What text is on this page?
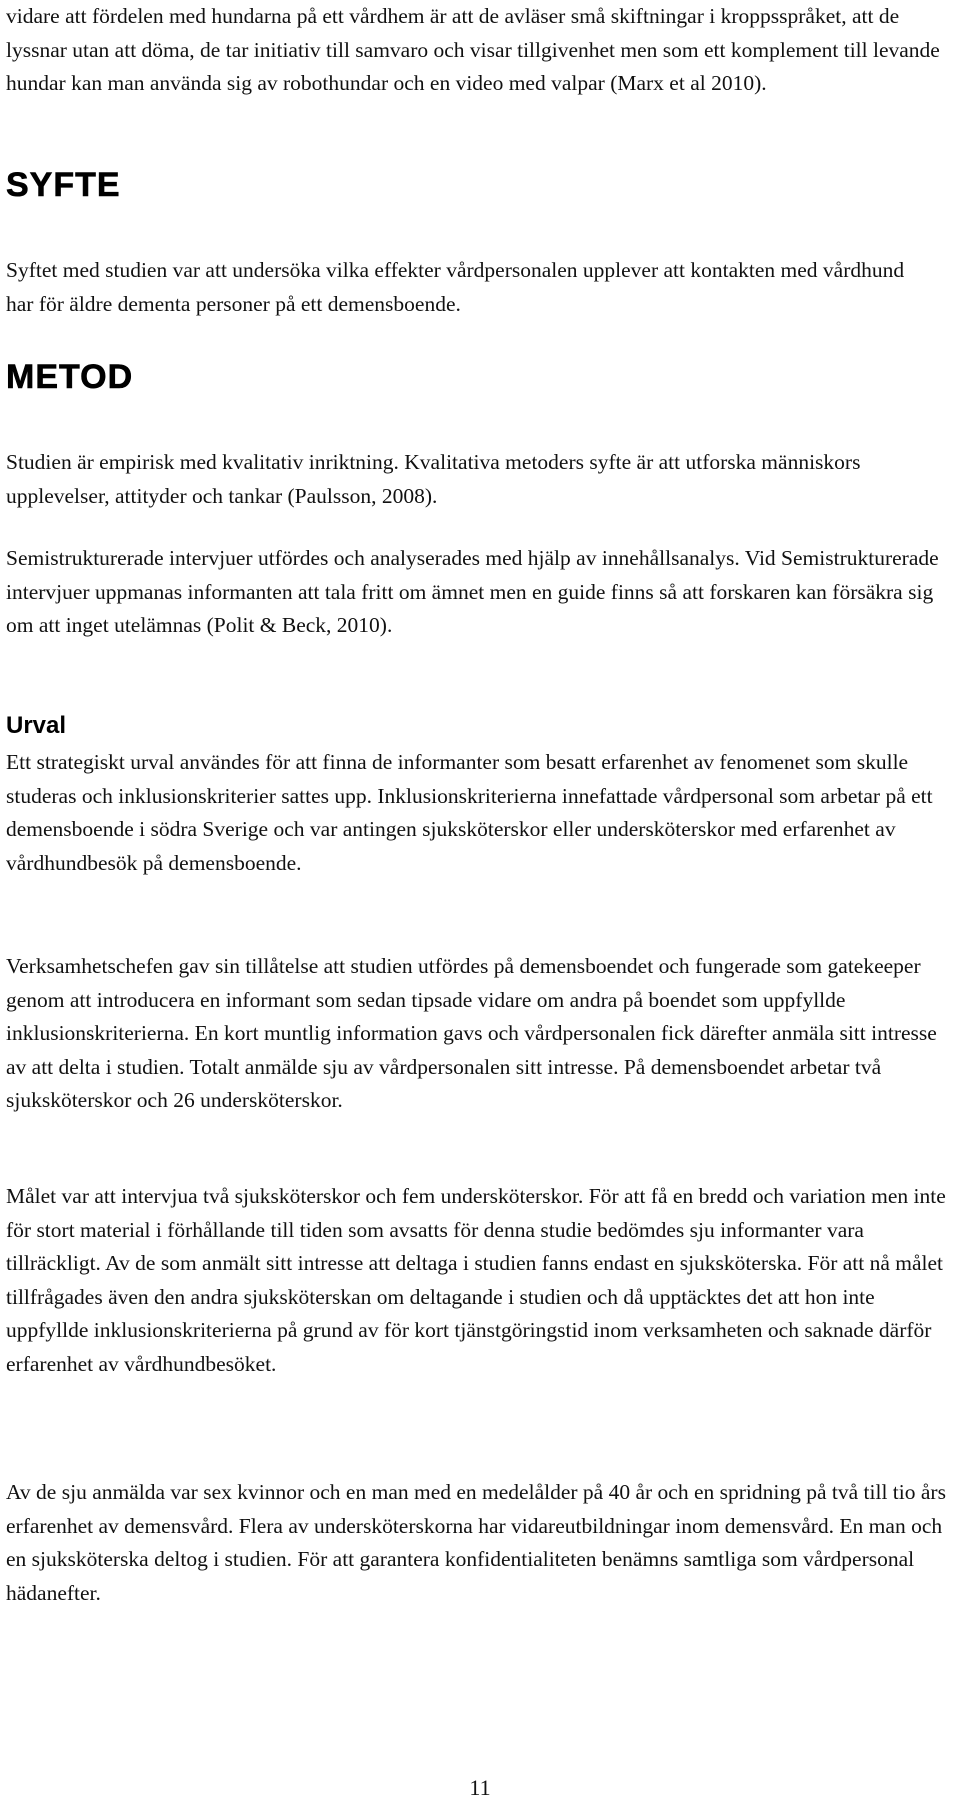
vidare att fördelen med hundarna på ett vårdhem är att de avläser små skiftningar i kroppsspråket, att de lyssnar utan att döma, de tar initiativ till samvaro och visar tillgivenhet men som ett komplement till levande hundar kan man använda sig av robothundar och en video med valpar (Marx et al 2010).

SYFTE

Syftet med studien var att undersöka vilka effekter vårdpersonalen upplever att kontakten med vårdhund har för äldre dementa personer på ett demensboende.

METOD

Studien är empirisk med kvalitativ inriktning. Kvalitativa metoders syfte är att utforska människors upplevelser, attityder och tankar (Paulsson, 2008).

Semistrukturerade intervjuer utfördes och analyserades med hjälp av innehållsanalys. Vid Semistrukturerade intervjuer uppmanas informanten att tala fritt om ämnet men en guide finns så att forskaren kan försäkra sig om att inget utelämnas (Polit & Beck, 2010).

Urval

Ett strategiskt urval användes för att finna de informanter som besatt erfarenhet av fenomenet som skulle studeras och inklusionskriterier sattes upp. Inklusionskriterierna innefattade vårdpersonal som arbetar på ett demensboende i södra Sverige och var antingen sjuksköterskor eller undersköterskor med erfarenhet av vårdhundbesök på demensboende.

Verksamhetschefen gav sin tillåtelse att studien utfördes på demensboendet och fungerade som gatekeeper genom att introducera en informant som sedan tipsade vidare om andra på boendet som uppfyllde inklusionskriterierna. En kort muntlig information gavs och vårdpersonalen fick därefter anmäla sitt intresse av att delta i studien. Totalt anmälde sju av vårdpersonalen sitt intresse. På demensboendet arbetar två sjuksköterskor och 26 undersköterskor.

Målet var att intervjua två sjuksköterskor och fem undersköterskor. För att få en bredd och variation men inte för stort material i förhållande till tiden som avsatts för denna studie bedömdes sju informanter vara tillräckligt. Av de som anmält sitt intresse att deltaga i studien fanns endast en sjuksköterska. För att nå målet tillfrågades även den andra sjuksköterskan om deltagande i studien och då upptäcktes det att hon inte uppfyllde inklusionskriterierna på grund av för kort tjänstgöringstid inom verksamheten och saknade därför erfarenhet av vårdhundbesöket.

Av de sju anmälda var sex kvinnor och en man med en medelålder på 40 år och en spridning på två till tio års erfarenhet av demensvård. Flera av undersköterskorna har vidareutbildningar inom demensvård. En man och en sjuksköterska deltog i studien. För att garantera konfidentialiteten benämns samtliga som vårdpersonal hädanefter.

11
